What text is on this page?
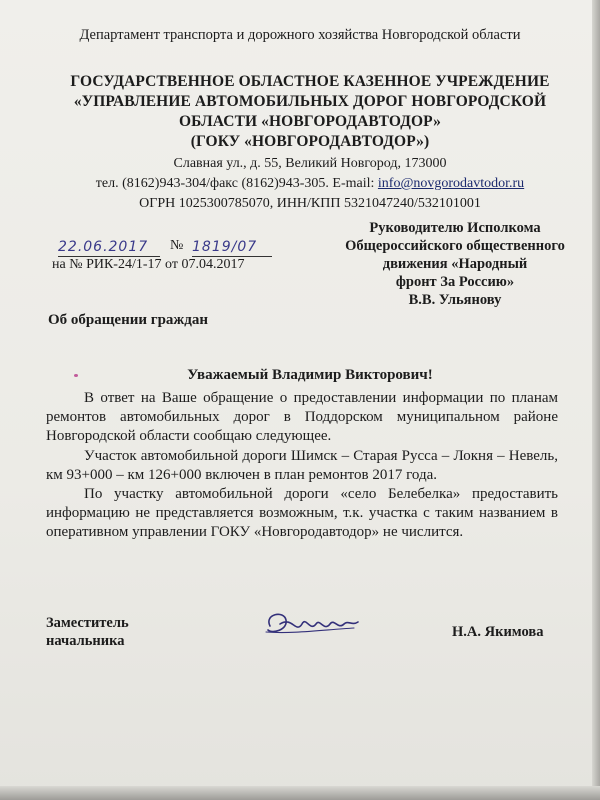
Департамент транспорта и дорожного хозяйства Новгородской области
ГОСУДАРСТВЕННОЕ ОБЛАСТНОЕ КАЗЕННОЕ УЧРЕЖДЕНИЕ
«УПРАВЛЕНИЕ АВТОМОБИЛЬНЫХ ДОРОГ НОВГОРОДСКОЙ
ОБЛАСТИ «НОВГОРОДАВТОДОР»
(ГОКУ «НОВГОРОДАВТОДОР»)
Славная ул., д. 55, Великий Новгород, 173000
тел. (8162)943-304/факс (8162)943-305. E-mail: info@novgorodavtodor.ru
ОГРН 1025300785070, ИНН/КПП 5321047240/532101001
22.06.2017	№ 1819/07
на № РИК-24/1-17 от 07.04.2017
Руководителю Исполкома
Общероссийского общественного
движения «Народный
фронт За Россию»
В.В. Ульянову
Об обращении граждан
Уважаемый Владимир Викторович!
В ответ на Ваше обращение о предоставлении информации по планам ремонтов автомобильных дорог в Поддорском муниципальном районе Новгородской области сообщаю следующее.
Участок автомобильной дороги Шимск – Старая Русса – Локня – Невель, км 93+000 – км 126+000 включен в план ремонтов 2017 года.
По участку автомобильной дороги «село Белебелка» предоставить информацию не представляется возможным, т.к. участка с таким названием в оперативном управлении ГОКУ «Новгородавтодор» не числится.
Заместитель
начальника
Н.А. Якимова
